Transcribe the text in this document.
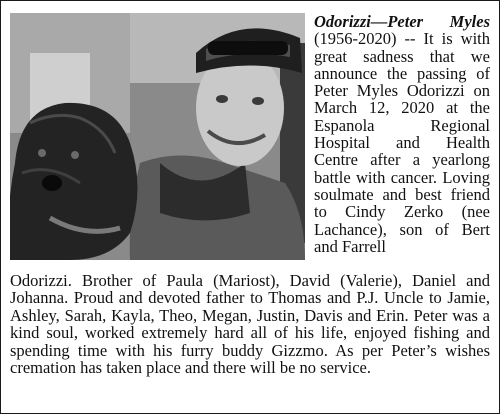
Odorizzi—Peter Myles (1956-2020) -- It is with great sadness that we announce the passing of Peter Myles Odorizzi on March 12, 2020 at the Espanola Regional Hospital and Health Centre after a yearlong battle with cancer. Loving soulmate and best friend to Cindy Zerko (nee Lachance), son of Bert and Farrell
Odorizzi. Brother of Paula (Mariost), David (Valerie), Daniel and Johanna. Proud and devoted father to Thomas and P.J. Uncle to Jamie, Ashley, Sarah, Kayla, Theo, Megan, Justin, Davis and Erin. Peter was a kind soul, worked extremely hard all of his life, enjoyed fishing and spending time with his furry buddy Gizzmo. As per Peter’s wishes cremation has taken place and there will be no service.
